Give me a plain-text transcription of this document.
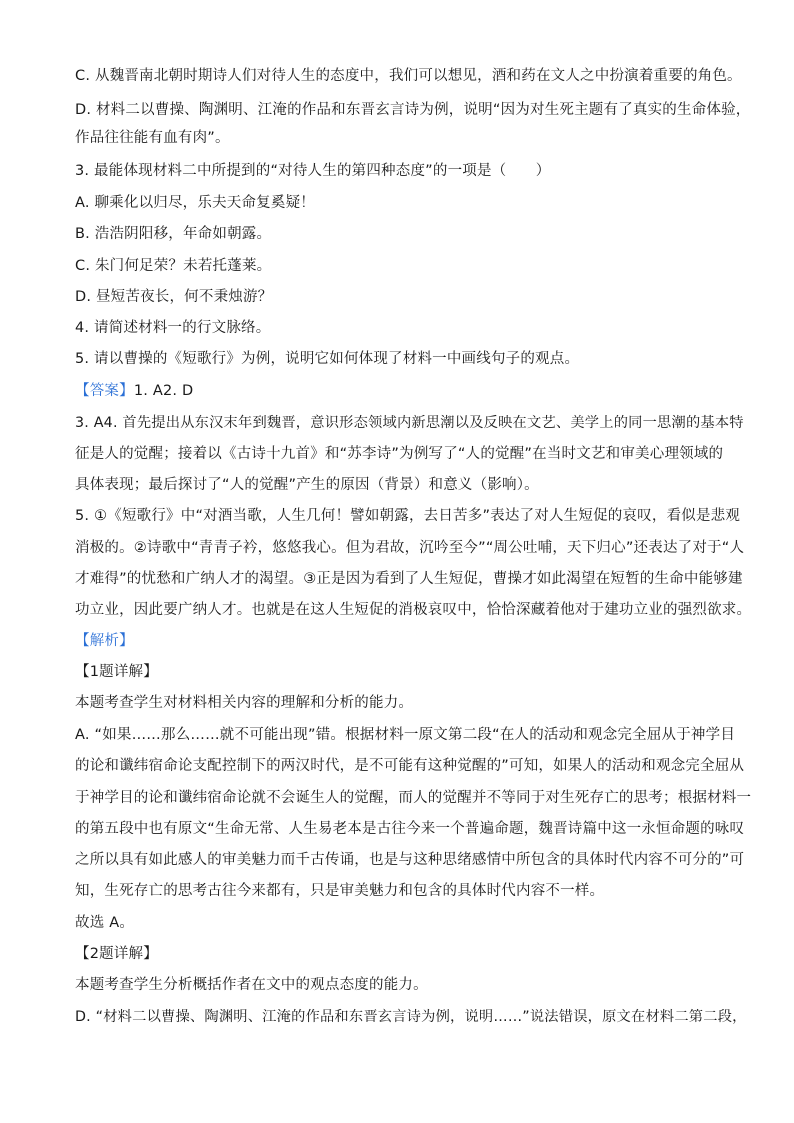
C. 从魏晋南北朝时期诗人们对待人生的态度中，我们可以想见，酒和药在文人之中扮演着重要的角色。
D. 材料二以曹操、陶渊明、江淹的作品和东晋玄言诗为例，说明“因为对生死主题有了真实的生命体验，
作品往往能有血有肉”。
3. 最能体现材料二中所提到的“对待人生的第四种态度”的一项是（　　）
A. 聊乘化以归尽，乐夫天命复奚疑！
B. 浩浩阴阳移，年命如朝露。
C. 朱门何足荣？未若托蓬莱。
D. 昼短苦夜长，何不秉烛游？
4. 请简述材料一的行文脉络。
5. 请以曹操的《短歌行》为例，说明它如何体现了材料一中画线句子的观点。
【答案】1. A2. D
3. A4. 首先提出从东汉末年到魏晋，意识形态领域内新思潮以及反映在文艺、美学上的同一思潮的基本特
征是人的觉醒；接着以《古诗十九首》和“苏李诗”为例写了“人的觉醒”在当时文艺和审美心理领域的
具体表现；最后探讨了“人的觉醒”产生的原因（背景）和意义（影响）。
5. ①《短歌行》中“对酒当歌，人生几何！譬如朝露，去日苦多”表达了对人生短促的哀叹，看似是悲观
消极的。②诗歌中“青青子衿，悠悠我心。但为君故，沉吟至今”“周公吐哺，天下归心”还表达了对于“人
才难得”的忧愁和广纳人才的渴望。③正是因为看到了人生短促，曹操才如此渴望在短暂的生命中能够建
功立业，因此要广纳人才。也就是在这人生短促的消极哀叹中，恰恰深藏着他对于建功立业的强烈欲求。
【解析】
【1题详解】
本题考查学生对材料相关内容的理解和分析的能力。
A. “如果……那么……就不可能出现”错。根据材料一原文第二段“在人的活动和观念完全屈从于神学目
的论和谶纬宿命论支配控制下的两汉时代，是不可能有这种觉醒的”可知，如果人的活动和观念完全屈从
于神学目的论和谶纬宿命论就不会诞生人的觉醒，而人的觉醒并不等同于对生死存亡的思考；根据材料一
的第五段中也有原文“生命无常、人生易老本是古往今来一个普遍命题，魏晋诗篇中这一永恒命题的咏叹
之所以具有如此感人的审美魅力而千古传诵，也是与这种思绪感情中所包含的具体时代内容不可分的”可
知，生死存亡的思考古往今来都有，只是审美魅力和包含的具体时代内容不一样。
故选 A。
【2题详解】
本题考查学生分析概括作者在文中的观点态度的能力。
D. “材料二以曹操、陶渊明、江淹的作品和东晋玄言诗为例，说明……”说法错误，原文在材料二第二段，
